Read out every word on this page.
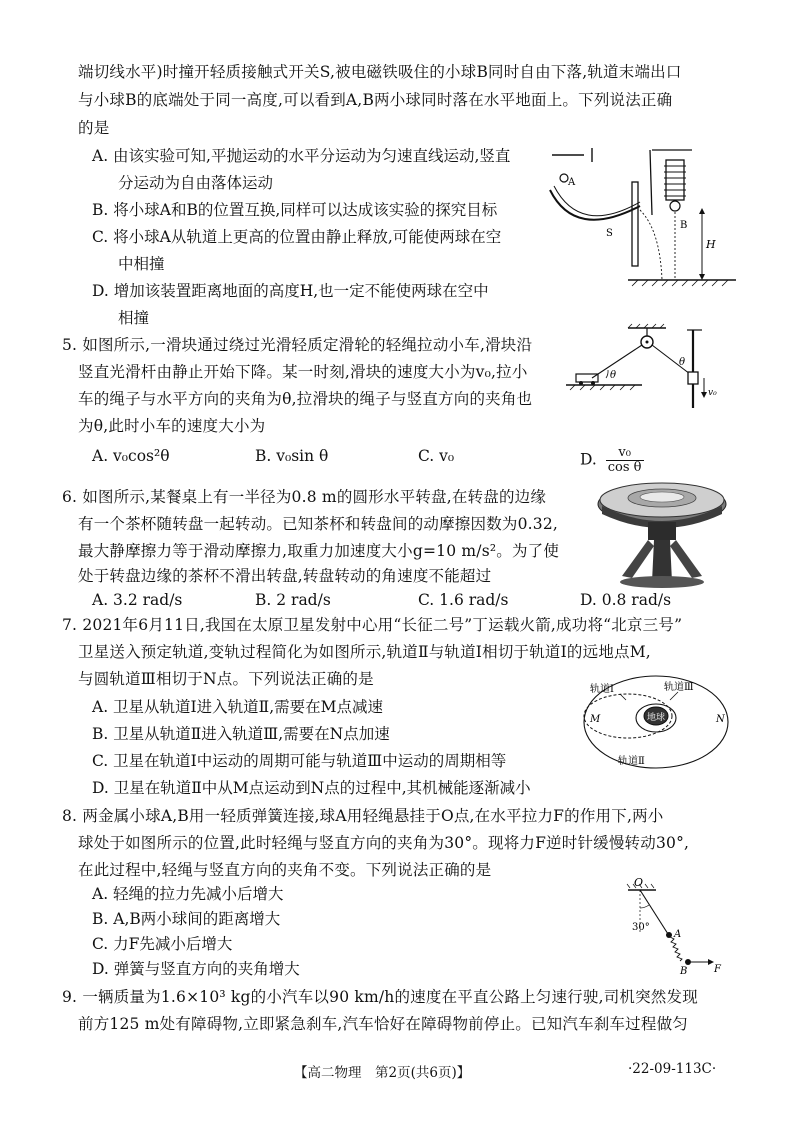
端切线水平)时撞开轻质接触式开关S,被电磁铁吸住的小球B同时自由下落,轨道末端出口
与小球B的底端处于同一高度,可以看到A,B两小球同时落在水平地面上。下列说法正确
的是
A. 由该实验可知,平抛运动的水平分运动为匀速直线运动,竖直
分运动为自由落体运动
B. 将小球A和B的位置互换,同样可以达成该实验的探究目标
C. 将小球A从轨道上更高的位置由静止释放,可能使两球在空
中相撞
D. 增加该装置距离地面的高度H,也一定不能使两球在空中
相撞
A
B
S
H
5. 如图所示,一滑块通过绕过光滑轻质定滑轮的轻绳拉动小车,滑块沿
竖直光滑杆由静止开始下降。某一时刻,滑块的速度大小为v₀,拉小
车的绳子与水平方向的夹角为θ,拉滑块的绳子与竖直方向的夹角也
为θ,此时小车的速度大小为
A. v₀cos²θ	B. v₀sin θ	C. v₀	D. $\frac{\text{v₀}}{\text{cos θ}}$
θ
θ
v₀
6. 如图所示,某餐桌上有一半径为0.8 m的圆形水平转盘,在转盘的边缘
有一个茶杯随转盘一起转动。已知茶杯和转盘间的动摩擦因数为0.32,
最大静摩擦力等于滑动摩擦力,取重力加速度大小g=10 m/s²。为了使
处于转盘边缘的茶杯不滑出转盘,转盘转动的角速度不能超过
A. 3.2 rad/s	B. 2 rad/s	C. 1.6 rad/s	D. 0.8 rad/s
7. 2021年6月11日,我国在太原卫星发射中心用“长征二号”丁运载火箭,成功将“北京三号”
卫星送入预定轨道,变轨过程简化为如图所示,轨道Ⅱ与轨道Ⅰ相切于轨道Ⅰ的远地点M,
与圆轨道Ⅲ相切于N点。下列说法正确的是
A. 卫星从轨道Ⅰ进入轨道Ⅱ,需要在M点减速
B. 卫星从轨道Ⅱ进入轨道Ⅲ,需要在N点加速
C. 卫星在轨道Ⅰ中运动的周期可能与轨道Ⅲ中运动的周期相等
D. 卫星在轨道Ⅱ中从M点运动到N点的过程中,其机械能逐渐减小
地球
轨道Ⅰ	轨道Ⅲ
轨道Ⅱ
M	N
8. 两金属小球A,B用一轻质弹簧连接,球A用轻绳悬挂于O点,在水平拉力F的作用下,两小
球处于如图所示的位置,此时轻绳与竖直方向的夹角为30°。现将力F逆时针缓慢转动30°,
在此过程中,轻绳与竖直方向的夹角不变。下列说法正确的是
A. 轻绳的拉力先减小后增大
B. A,B两小球间的距离增大
C. 力F先减小后增大
D. 弹簧与竖直方向的夹角增大
O
30°
A
B	F
9. 一辆质量为1.6×10³ kg的小汽车以90 km/h的速度在平直公路上匀速行驶,司机突然发现
前方125 m处有障碍物,立即紧急刹车,汽车恰好在障碍物前停止。已知汽车刹车过程做匀
【高二物理　第2页(共6页)】	·22-09-113C·
